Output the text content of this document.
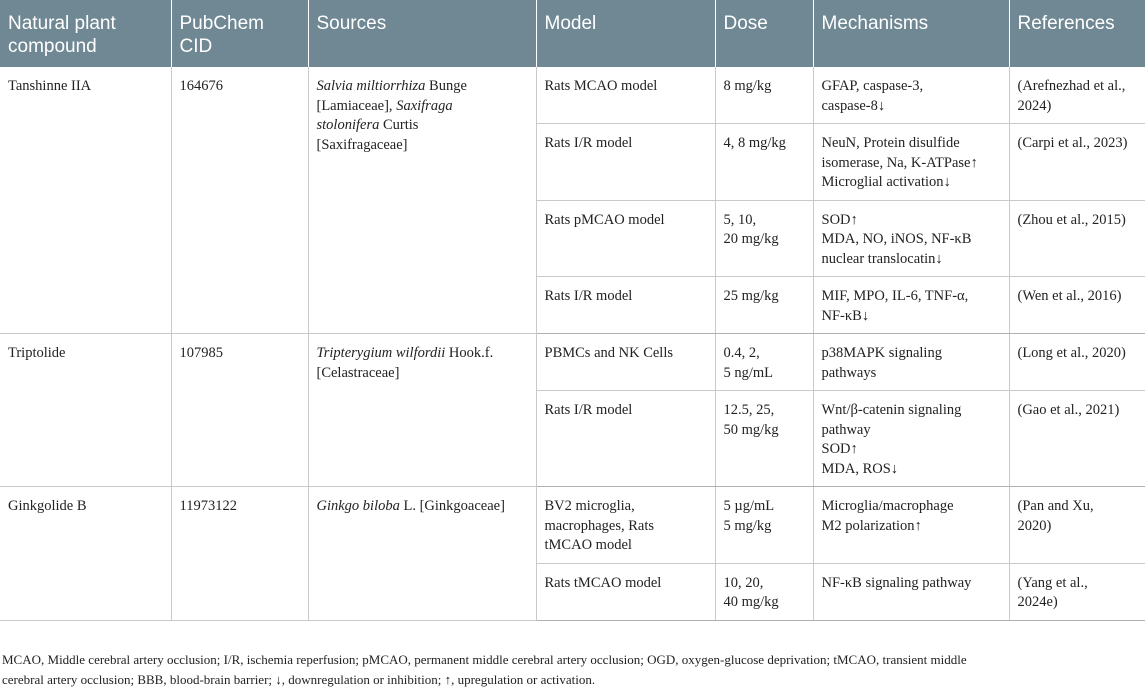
Natural plant
compound	PubChem
CID	Sources	Model	Dose	Mechanisms	References
Tanshinne IIA	164676	Salvia miltiorrhiza Bunge
[Lamiaceae], Saxifraga
stolonifera Curtis
[Saxifragaceae]	Rats MCAO model	8 mg/kg	GFAP, caspase-3,
caspase-8↓	(Arefnezhad et al.,
2024)
			Rats I/R model	4, 8 mg/kg	NeuN, Protein disulfide
isomerase, Na, K-ATPase↑
Microglial activation↓	(Carpi et al., 2023)
			Rats pMCAO model	5, 10,
20 mg/kg	SOD↑
MDA, NO, iNOS, NF-κB
nuclear translocatin↓	(Zhou et al., 2015)
			Rats I/R model	25 mg/kg	MIF, MPO, IL-6, TNF-α,
NF-κB↓	(Wen et al., 2016)
Triptolide	107985	Tripterygium wilfordii Hook.f.
[Celastraceae]	PBMCs and NK Cells	0.4, 2,
5 ng/mL	p38MAPK signaling
pathways	(Long et al., 2020)
			Rats I/R model	12.5, 25,
50 mg/kg	Wnt/β-catenin signaling
pathway
SOD↑
MDA, ROS↓	(Gao et al., 2021)
Ginkgolide B	11973122	Ginkgo biloba L. [Ginkgoaceae]	BV2 microglia,
macrophages, Rats
tMCAO model	5 µg/mL
5 mg/kg	Microglia/macrophage
M2 polarization↑	(Pan and Xu,
2020)
			Rats tMCAO model	10, 20,
40 mg/kg	NF-κB signaling pathway	(Yang et al.,
2024e)
MCAO, Middle cerebral artery occlusion; I/R, ischemia reperfusion; pMCAO, permanent middle cerebral artery occlusion; OGD, oxygen-glucose deprivation; tMCAO, transient middle
cerebral artery occlusion; BBB, blood-brain barrier; ↓, downregulation or inhibition; ↑, upregulation or activation.
